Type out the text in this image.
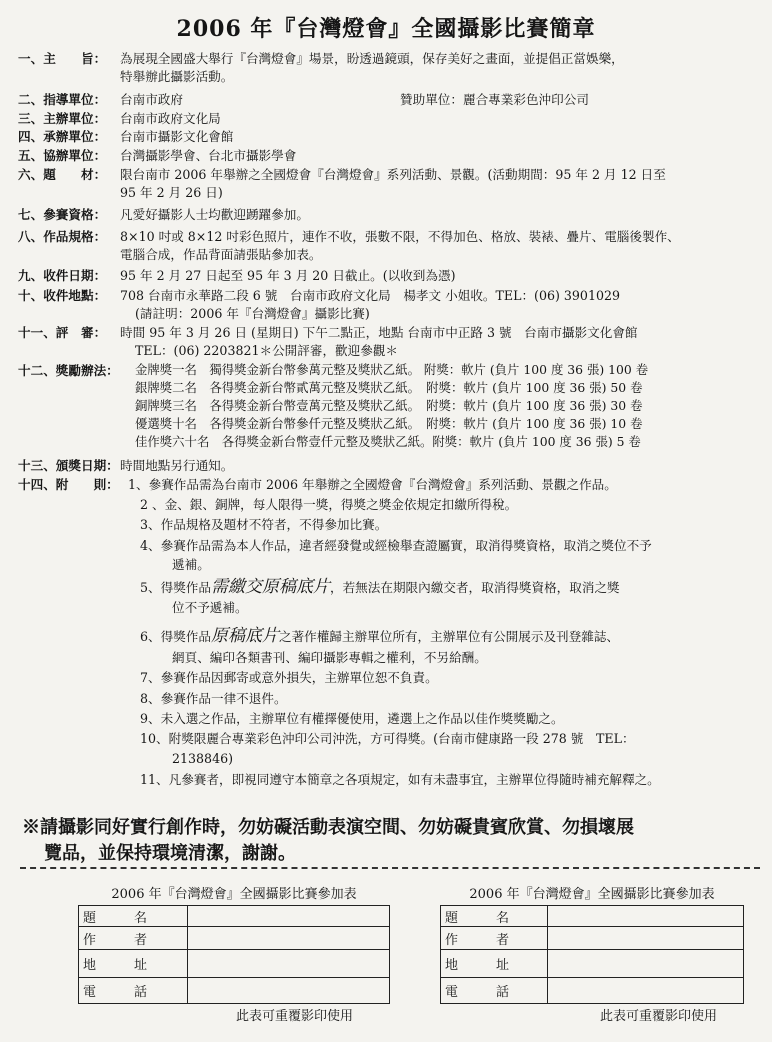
2006 年『台灣燈會』全國攝影比賽簡章
一、主　　旨： 為展現全國盛大舉行『台灣燈會』場景，盼透過鏡頭，保存美好之畫面，並提倡正當娛樂，
特舉辦此攝影活動。
二、指導單位： 台南市政府	贊助單位：麗合專業彩色沖印公司
三、主辦單位： 台南市政府文化局
四、承辦單位： 台南市攝影文化會館
五、協辦單位： 台灣攝影學會、台北市攝影學會
六、題　　材： 限台南市 2006 年舉辦之全國燈會『台灣燈會』系列活動、景觀。(活動期間：95 年 2 月 12 日至
95 年 2 月 26 日)
七、參賽資格： 凡愛好攝影人士均歡迎踴躍參加。
八、作品規格： 8×10 吋或 8×12 吋彩色照片，連作不收，張數不限，不得加色、格放、裝裱、疊片、電腦後製作、
電腦合成，作品背面請張貼參加表。
九、收件日期： 95 年 2 月 27 日起至 95 年 3 月 20 日截止。(以收到為憑)
十、收件地點： 708 台南市永華路二段 6 號　台南市政府文化局　楊孝文 小姐收。TEL：(06) 3901029
(請註明：2006 年『台灣燈會』攝影比賽)
十一、評　審： 時間 95 年 3 月 26 日 (星期日) 下午二點正，地點 台南市中正路 3 號　台南市攝影文化會館
TEL：(06) 2203821＊公開評審，歡迎參觀＊
十二、獎勵辦法： 金牌獎一名　獨得獎金新台幣參萬元整及獎狀乙紙。 附獎：軟片 (負片 100 度 36 張) 100 卷
銀牌獎二名　各得獎金新台幣貳萬元整及獎狀乙紙。　附獎：軟片 (負片 100 度 36 張) 50 卷
銅牌獎三名　各得獎金新台幣壹萬元整及獎狀乙紙。　附獎：軟片 (負片 100 度 36 張) 30 卷
優選獎十名　各得獎金新台幣參仟元整及獎狀乙紙。　附獎：軟片 (負片 100 度 36 張) 10 卷
佳作獎六十名　各得獎金新台幣壹仟元整及獎狀乙紙。附獎：軟片 (負片 100 度 36 張) 5 卷
十三、頒獎日期： 時間地點另行通知。
十四、附　　則： 1、參賽作品需為台南市 2006 年舉辦之全國燈會『台灣燈會』系列活動、景觀之作品。
2 、金、銀、銅牌，每人限得一獎，得獎之獎金依規定扣繳所得稅。
3、作品規格及題材不符者，不得參加比賽。
4、參賽作品需為本人作品，違者經發覺或經檢舉查證屬實，取消得獎資格，取消之獎位不予
遞補。
5、得獎作品需繳交原稿底片，若無法在期限內繳交者，取消得獎資格，取消之獎
位不予遞補。
6、得獎作品原稿底片之著作權歸主辦單位所有，主辦單位有公開展示及刊登雜誌、
網頁、編印各類書刊、編印攝影專輯之權利，不另給酬。
7、參賽作品因郵寄或意外損失，主辦單位恕不負責。
8、參賽作品一律不退件。
9、未入選之作品，主辦單位有權擇優使用，遴選上之作品以佳作獎獎勵之。
10、附獎限麗合專業彩色沖印公司沖洗，方可得獎。(台南市健康路一段 278 號　TEL：
2138846)
11、凡參賽者，即視同遵守本簡章之各項規定，如有未盡事宜，主辦單位得隨時補充解釋之。
※請攝影同好實行創作時，勿妨礙活動表演空間、勿妨礙貴賓欣賞、勿損壞展
覽品，並保持環境清潔，謝謝。
2006 年『台灣燈會』全國攝影比賽參加表
題名	
作者	
地址	
電話	
此表可重覆影印使用
2006 年『台灣燈會』全國攝影比賽參加表
題名	
作者	
地址	
電話	
此表可重覆影印使用
